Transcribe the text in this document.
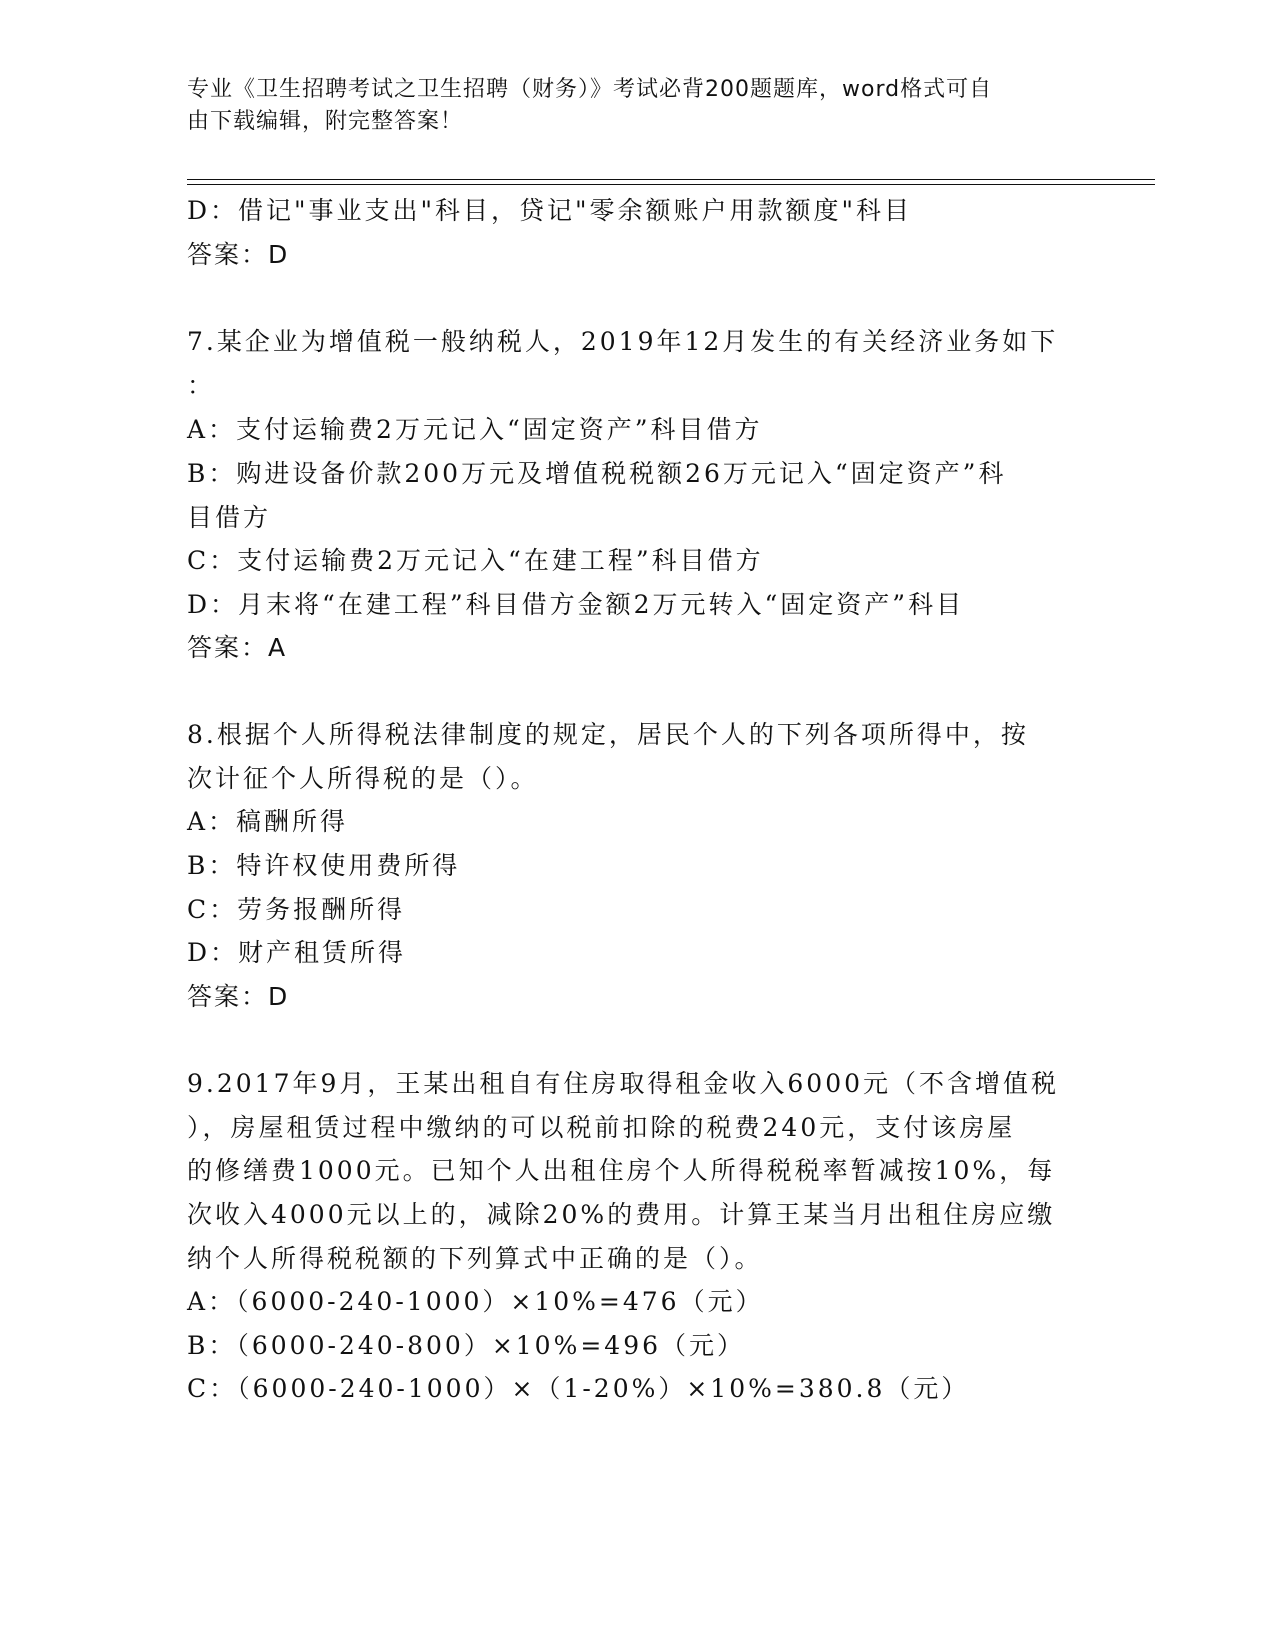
专业《卫生招聘考试之卫生招聘（财务）》考试必背200题题库，word格式可自
由下载编辑，附完整答案！
D：借记"事业支出"科目，贷记"零余额账户用款额度"科目
答案：D
7.某企业为增值税一般纳税人，2019年12月发生的有关经济业务如下
：
A：支付运输费2万元记入“固定资产”科目借方
B：购进设备价款200万元及增值税税额26万元记入“固定资产”科
目借方
C：支付运输费2万元记入“在建工程”科目借方
D：月末将“在建工程”科目借方金额2万元转入“固定资产”科目
答案：A
8.根据个人所得税法律制度的规定，居民个人的下列各项所得中，按
次计征个人所得税的是（）。
A：稿酬所得
B：特许权使用费所得
C：劳务报酬所得
D：财产租赁所得
答案：D
9.2017年9月，王某出租自有住房取得租金收入6000元（不含增值税
），房屋租赁过程中缴纳的可以税前扣除的税费240元，支付该房屋
的修缮费1000元。已知个人出租住房个人所得税税率暂减按10%，每
次收入4000元以上的，减除20%的费用。计算王某当月出租住房应缴
纳个人所得税税额的下列算式中正确的是（）。
A：（6000-240-1000）×10%=476（元）
B：（6000-240-800）×10%=496（元）
C：（6000-240-1000）×（1-20%）×10%=380.8（元）
